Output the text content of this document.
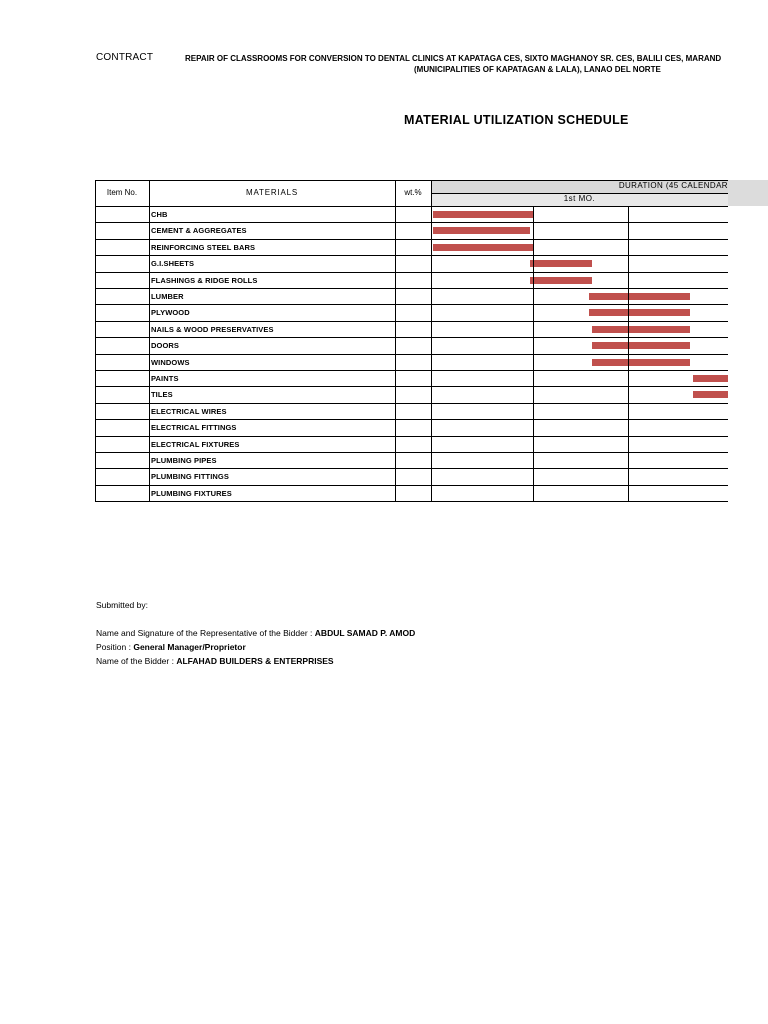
CONTRACT	REPAIR OF CLASSROOMS FOR CONVERSION TO DENTAL CLINICS AT KAPATAGA CES, SIXTO MAGHANOY SR. CES, BALILI CES, MARAND
(MUNICIPALITIES OF KAPATAGAN & LALA), LANAO DEL NORTE
MATERIAL UTILIZATION SCHEDULE
Item No.	MATERIALS	wt.%
DURATION (45 CALENDAR
1st MO.
CHB
CEMENT & AGGREGATES
REINFORCING STEEL BARS
G.I.SHEETS
FLASHINGS & RIDGE ROLLS
LUMBER
PLYWOOD
NAILS & WOOD PRESERVATIVES
DOORS
WINDOWS
PAINTS
TILES
ELECTRICAL WIRES
ELECTRICAL FITTINGS
ELECTRICAL FIXTURES
PLUMBING PIPES
PLUMBING FITTINGS
PLUMBING FIXTURES
Submitted by:
Name and Signature of the Representative of the Bidder : ABDUL SAMAD P. AMOD
Position : General Manager/Proprietor
Name of the Bidder : ALFAHAD BUILDERS & ENTERPRISES
